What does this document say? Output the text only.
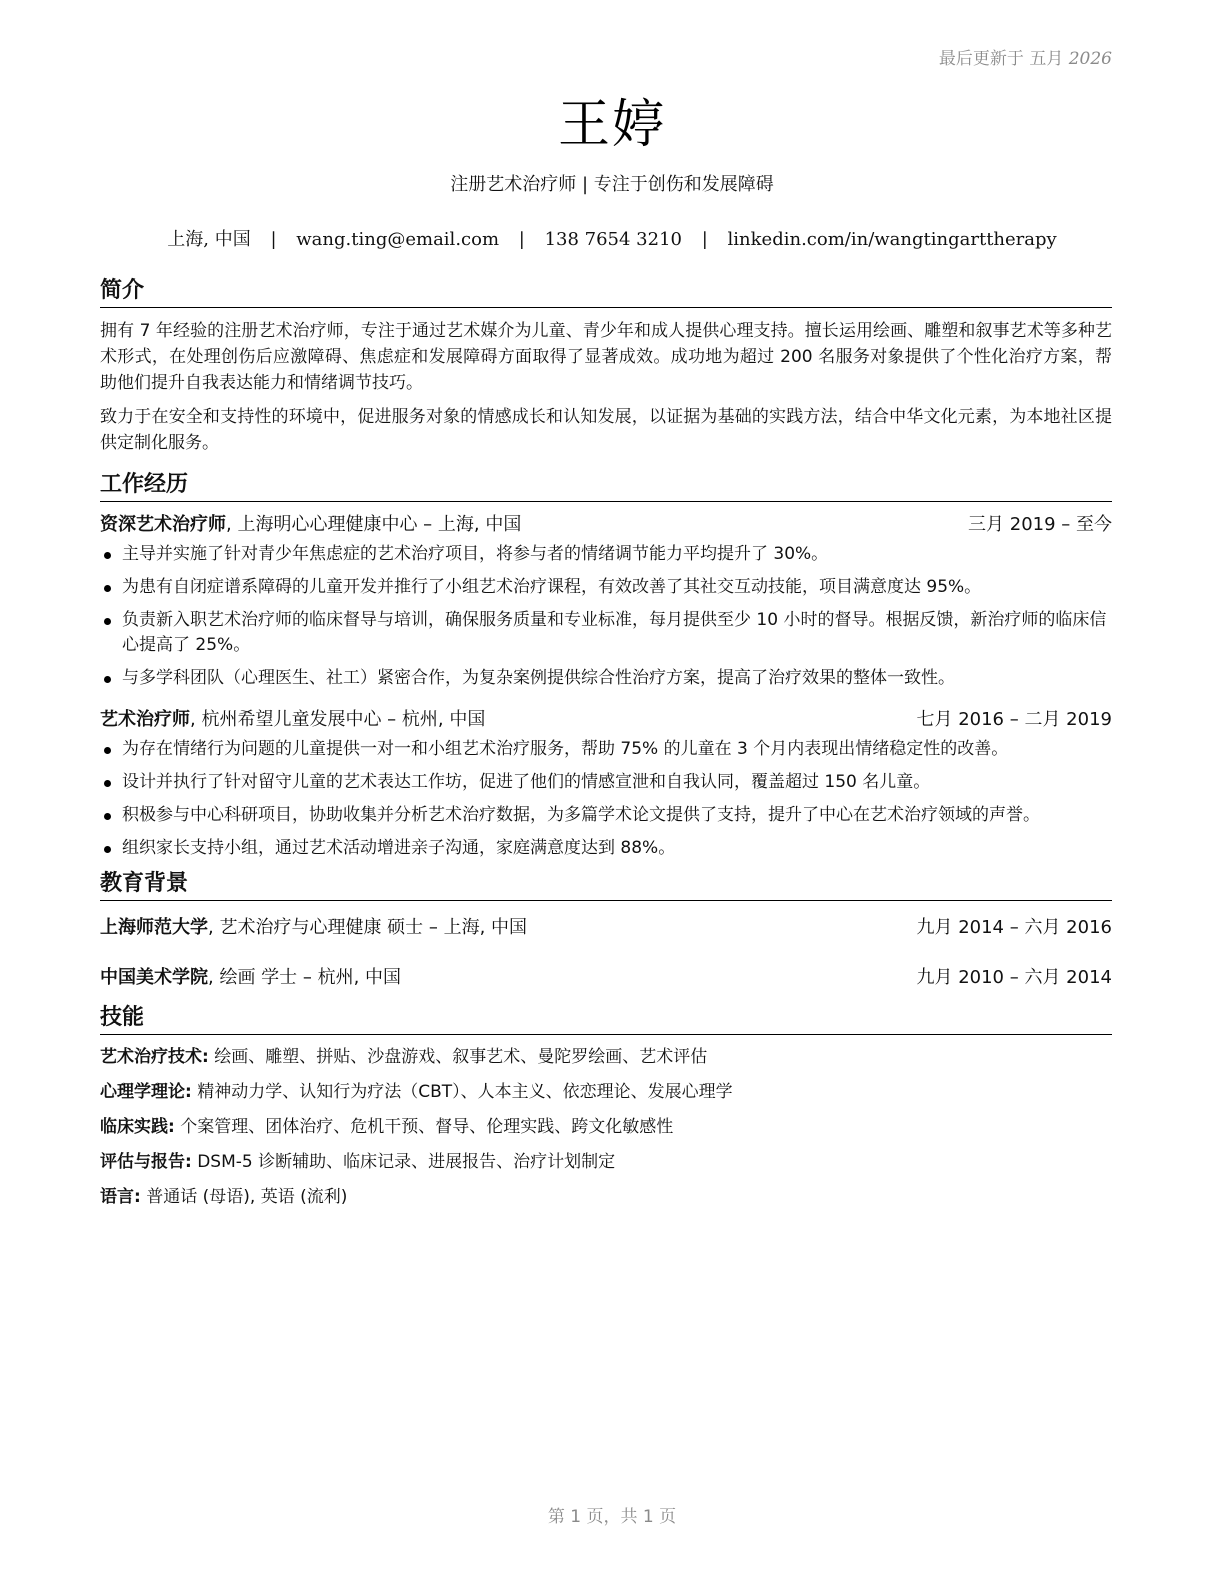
最后更新于 五月 2026
王婷
注册艺术治疗师 | 专注于创伤和发展障碍
上海, 中国 | wang.ting@email.com | 138 7654 3210 | linkedin.com/in/wangtingarttherapy
简介

拥有 7 年经验的注册艺术治疗师，专注于通过艺术媒介为儿童、青少年和成人提供心理支持。擅长运用绘画、雕塑和叙事艺术等多种艺术形式，在处理创伤后应激障碍、焦虑症和发展障碍方面取得了显著成效。成功地为超过 200 名服务对象提供了个性化治疗方案，帮助他们提升自我表达能力和情绪调节技巧。

致力于在安全和支持性的环境中，促进服务对象的情感成长和认知发展，以证据为基础的实践方法，结合中华文化元素，为本地社区提供定制化服务。

工作经历
资深艺术治疗师, 上海明心心理健康中心 – 上海, 中国	三月 2019 – 至今
主导并实施了针对青少年焦虑症的艺术治疗项目，将参与者的情绪调节能力平均提升了 30%。
为患有自闭症谱系障碍的儿童开发并推行了小组艺术治疗课程，有效改善了其社交互动技能，项目满意度达 95%。
负责新入职艺术治疗师的临床督导与培训，确保服务质量和专业标准，每月提供至少 10 小时的督导。根据反馈，新治疗师的临床信心提高了 25%。
与多学科团队（心理医生、社工）紧密合作，为复杂案例提供综合性治疗方案，提高了治疗效果的整体一致性。
艺术治疗师, 杭州希望儿童发展中心 – 杭州, 中国	七月 2016 – 二月 2019
为存在情绪行为问题的儿童提供一对一和小组艺术治疗服务，帮助 75% 的儿童在 3 个月内表现出情绪稳定性的改善。
设计并执行了针对留守儿童的艺术表达工作坊，促进了他们的情感宣泄和自我认同，覆盖超过 150 名儿童。
积极参与中心科研项目，协助收集并分析艺术治疗数据，为多篇学术论文提供了支持，提升了中心在艺术治疗领域的声誉。
组织家长支持小组，通过艺术活动增进亲子沟通，家庭满意度达到 88%。
教育背景
上海师范大学, 艺术治疗与心理健康 硕士 – 上海, 中国	九月 2014 – 六月 2016
中国美术学院, 绘画 学士 – 杭州, 中国	九月 2010 – 六月 2014
技能
艺术治疗技术: 绘画、雕塑、拼贴、沙盘游戏、叙事艺术、曼陀罗绘画、艺术评估
心理学理论: 精神动力学、认知行为疗法（CBT）、人本主义、依恋理论、发展心理学
临床实践: 个案管理、团体治疗、危机干预、督导、伦理实践、跨文化敏感性
评估与报告: DSM-5 诊断辅助、临床记录、进展报告、治疗计划制定
语言: 普通话 (母语), 英语 (流利)
第 1 页，共 1 页
